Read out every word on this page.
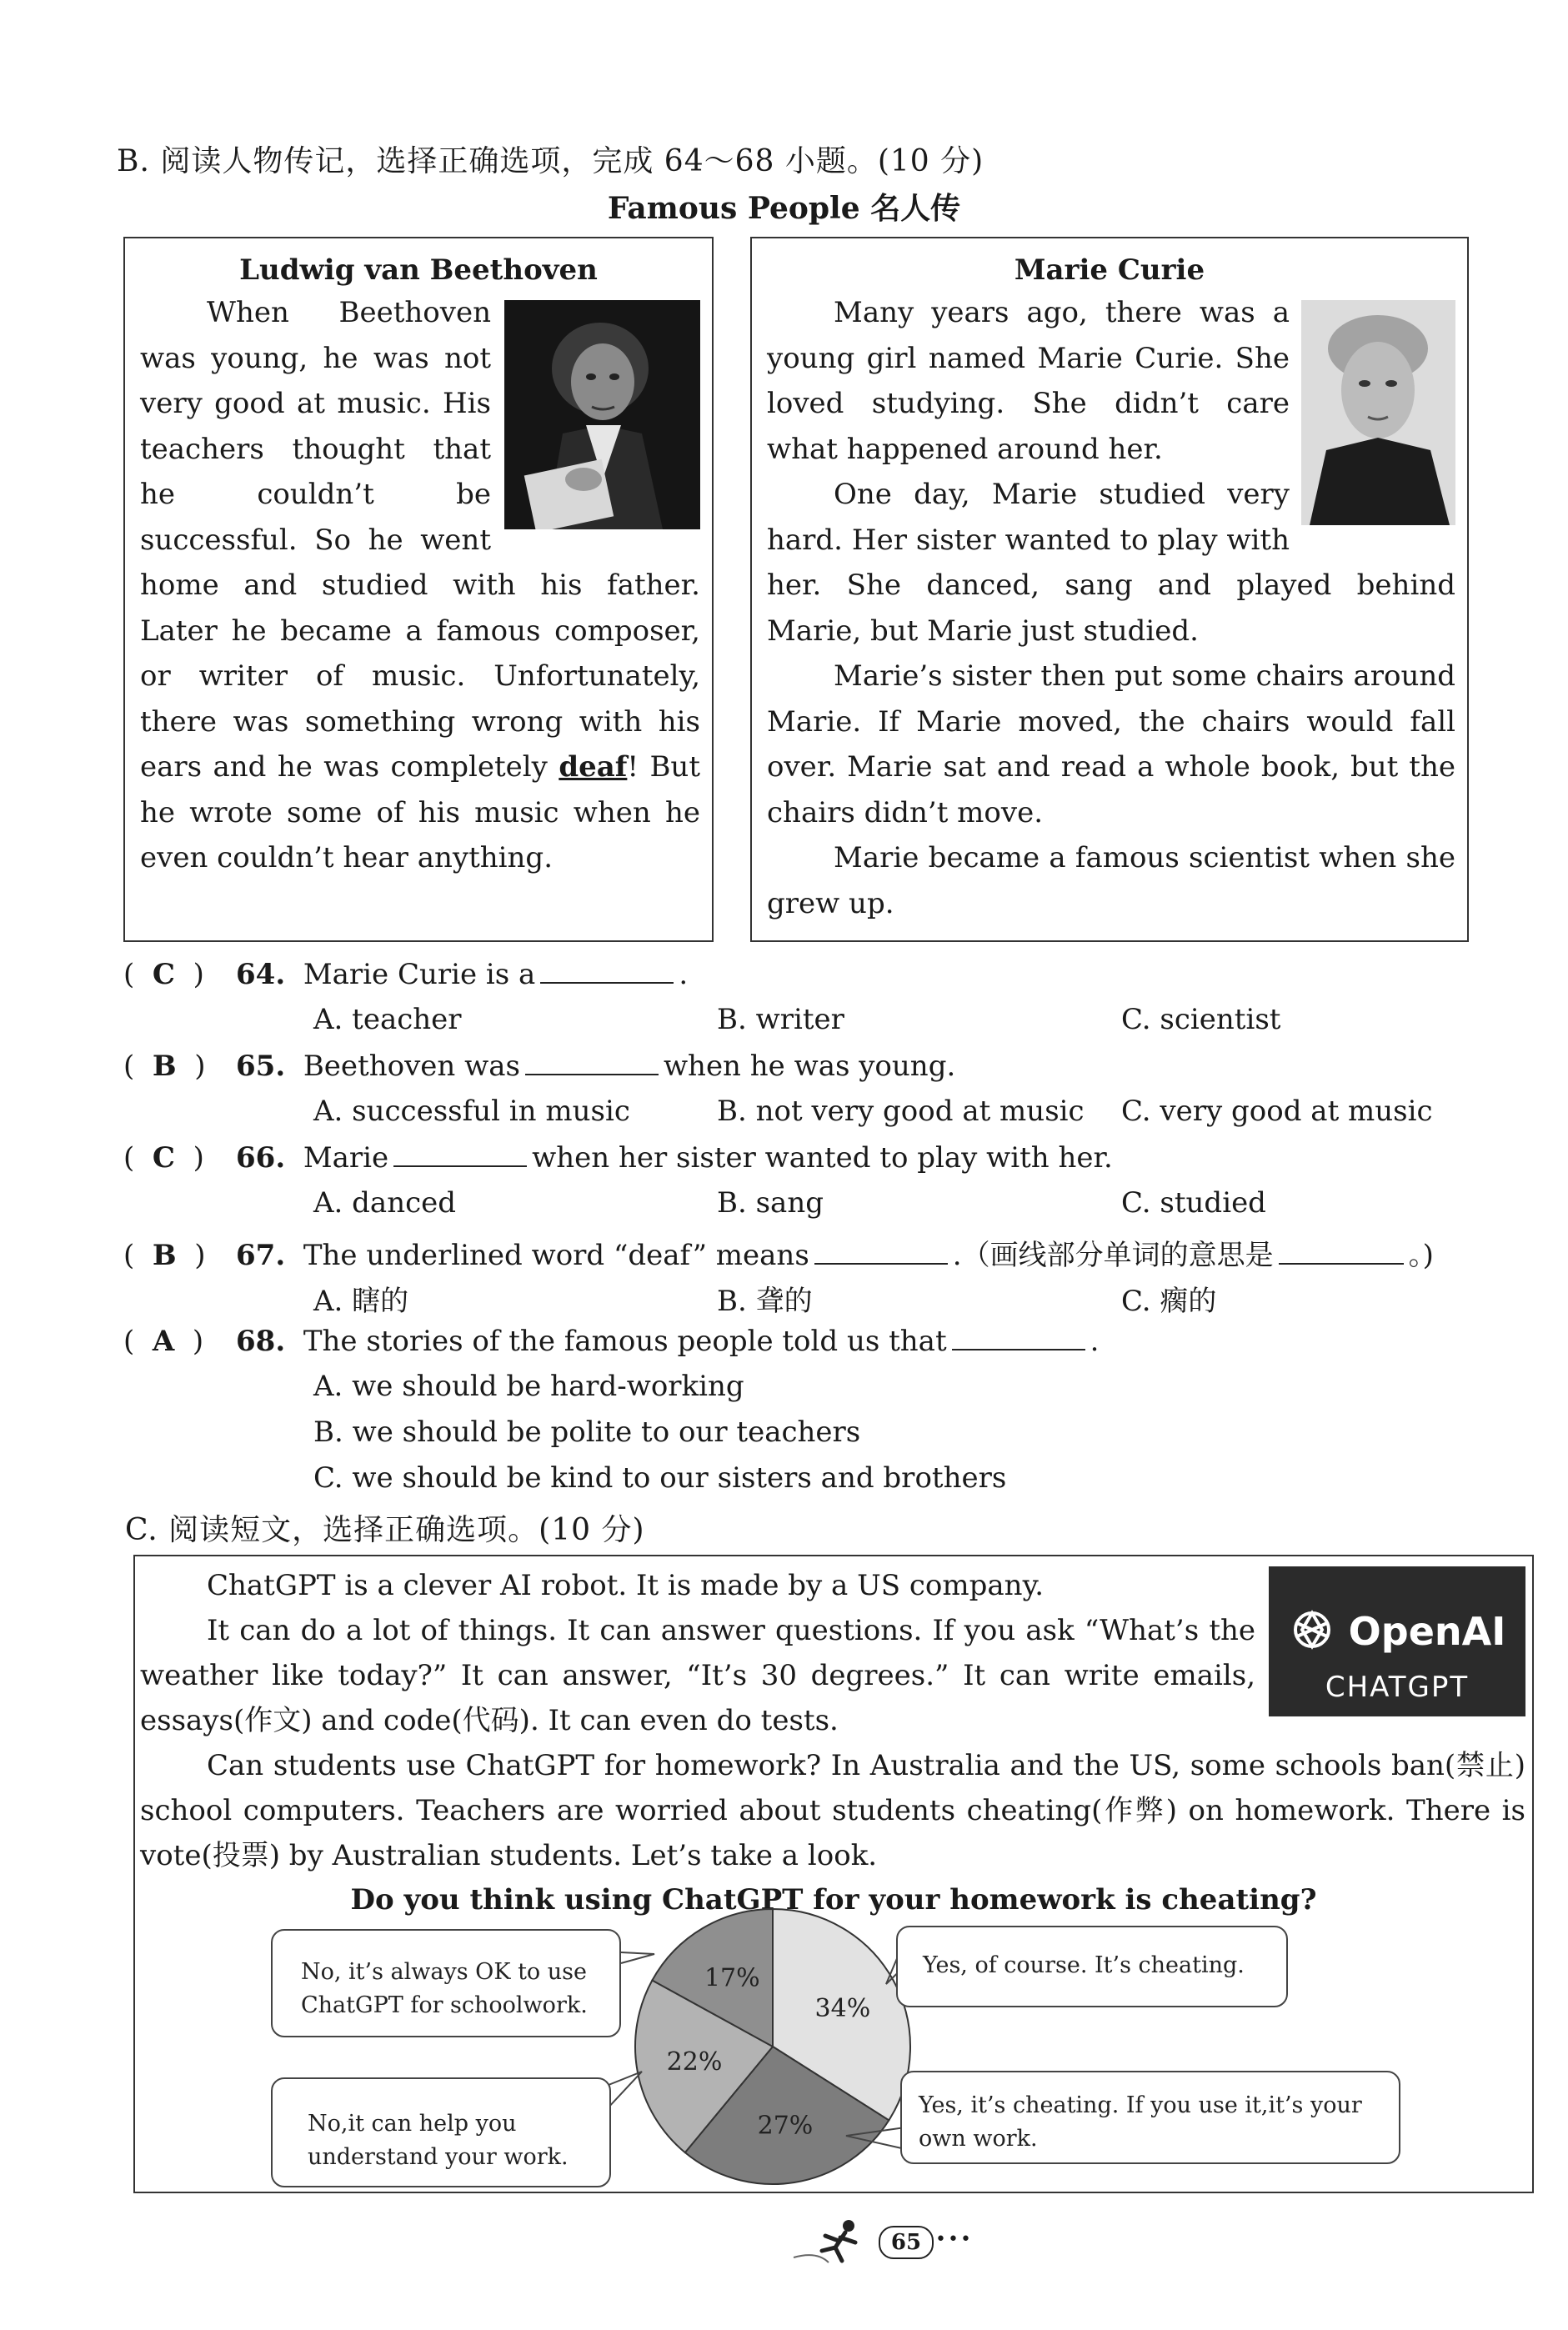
B. 阅读人物传记，选择正确选项，完成 64～68 小题。(10 分)
Famous People 名人传
Ludwig van Beethoven

When Beethoven was young, he was not very good at music. His teachers thought that he couldn’t be successful. So he went home and studied with his father. Later he became a famous composer, or writer of music. Unfortunately, there was something wrong with his ears and he was completely deaf! But he wrote some of his music when he even couldn’t hear anything.

Marie Curie

Many years ago, there was a young girl named Marie Curie. She loved studying. She didn’t care what happened around her.

One day, Marie studied very hard. Her sister wanted to play with her. She danced, sang and played behind Marie, but Marie just studied.

Marie’s sister then put some chairs around Marie. If Marie moved, the chairs would fall over. Marie sat and read a whole book, but the chairs didn’t move.

Marie became a famous scientist when she grew up.

(  C  ) 64. Marie Curie is a	.
A. teacher	B. writer	C. scientist
(  B  ) 65. Beethoven was	when he was young.
A. successful in music	B. not very good at music C. very good at music
(  C  ) 66. Marie	when her sister wanted to play with her.
A. danced	B. sang	C. studied
(  B  ) 67. The underlined word “deaf” means	.（画线部分单词的意思是	。)
A. 瞎的	B. 聋的	C. 瘸的
(  A  ) 68. The stories of the famous people told us that	.
A. we should be hard-working
B. we should be polite to our teachers
C. we should be kind to our sisters and brothers
C. 阅读短文，选择正确选项。(10 分)
OpenAI
CHATGPT

ChatGPT is a clever AI robot. It is made by a US company.

It can do a lot of things. It can answer questions. If you ask “What’s the weather like today?” It can answer, “It’s 30 degrees.” It can write emails, essays(作文) and code(代码). It can even do tests.

Can students use ChatGPT for homework? In Australia and the US, some schools ban(禁止) school computers. Teachers are worried about students cheating(作弊) on homework. There is vote(投票) by Australian students. Let’s take a look.

Do you think using ChatGPT for your homework is cheating?
34%
27%
22%
17%
No, it’s always OK to use
ChatGPT for schoolwork.
No,it can help you
understand your work.
Yes, of course. It’s cheating.
Yes, it’s cheating. If you use it,it’s your
own work.
65 •••
